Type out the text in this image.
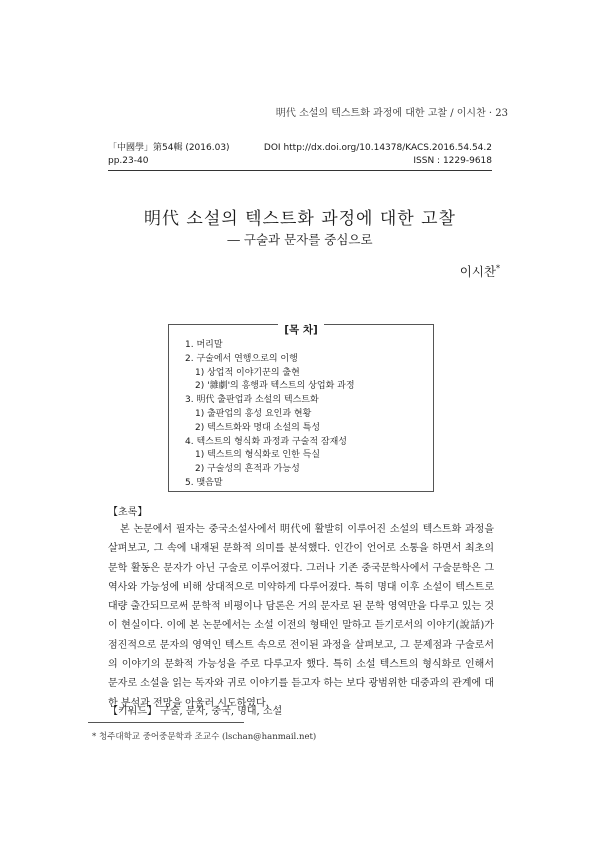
明代 소설의 텍스트화 과정에 대한 고찰 / 이시찬 · 23
「中國學」第54輯 (2016.03)	DOI http://dx.doi.org/10.14378/KACS.2016.54.54.2
pp.23-40	ISSN : 1229-9618
明代 소설의 텍스트화 과정에 대한 고찰
― 구술과 문자를 중심으로
이시찬*
[목 차]
1. 머리말
2. 구술에서 연행으로의 이행
1) 상업적 이야기꾼의 출현
2) '雜劇'의 흥행과 텍스트의 상업화 과정
3. 明代 출판업과 소설의 텍스트화
1) 출판업의 흥성 요인과 현황
2) 텍스트화와 명대 소설의 특성
4. 텍스트의 형식화 과정과 구술적 잠재성
1) 텍스트의 형식화로 인한 득실
2) 구술성의 흔적과 가능성
5. 맺음말
【초록】

본 논문에서 필자는 중국소설사에서 明代에 활발히 이루어진 소설의 텍스트화 과정을 살펴보고, 그 속에 내재된 문화적 의미를 분석했다. 인간이 언어로 소통을 하면서 최초의 문학 활동은 문자가 아닌 구술로 이루어졌다. 그러나 기존 중국문학사에서 구술문학은 그 역사와 가능성에 비해 상대적으로 미약하게 다루어졌다. 특히 명대 이후 소설이 텍스트로 대량 출간되므로써 문학적 비평이나 담론은 거의 문자로 된 문학 영역만을 다루고 있는 것이 현실이다. 이에 본 논문에서는 소설 이전의 형태인 말하고 듣기로서의 이야기(說話)가 점진적으로 문자의 영역인 텍스트 속으로 전이된 과정을 살펴보고, 그 문제점과 구술로서의 이야기의 문화적 가능성을 주로 다루고자 했다. 특히 소설 텍스트의 형식화로 인해서 문자로 소설을 읽는 독자와 귀로 이야기를 듣고자 하는 보다 광범위한 대중과의 관계에 대한 분석과 전망을 아울러 시도하였다.

【키워드】 구술, 문자, 중국, 명대, 소설
* 청주대학교 중어중문학과 조교수 (lschan@hanmail.net)
